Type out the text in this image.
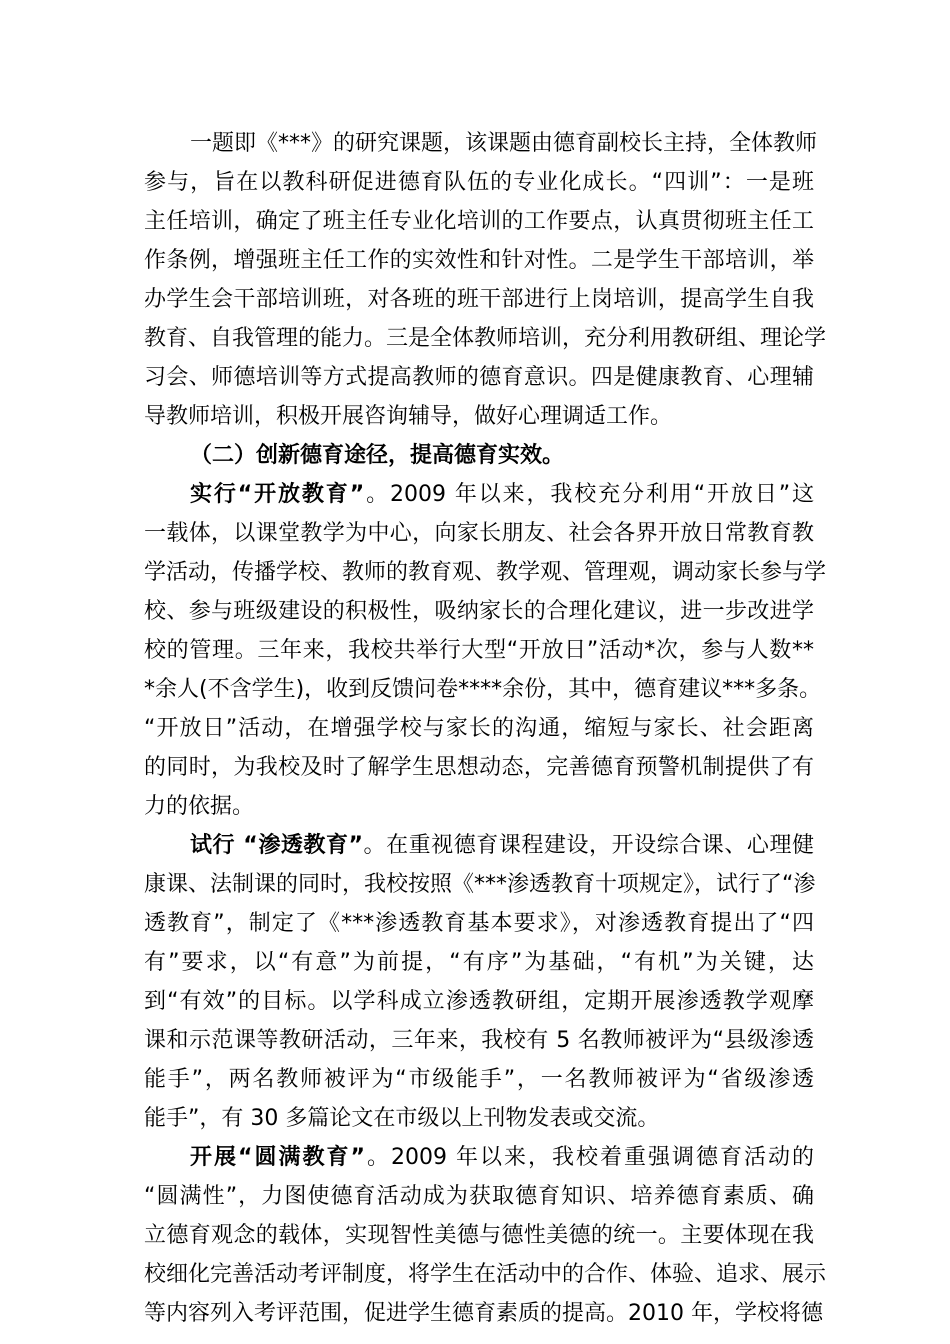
一题即《***》的研究课题，该课题由德育副校长主持，全体教师
参与，旨在以教科研促进德育队伍的专业化成长。“四训”：一是班
主任培训，确定了班主任专业化培训的工作要点，认真贯彻班主任工
作条例，增强班主任工作的实效性和针对性。二是学生干部培训，举
办学生会干部培训班，对各班的班干部进行上岗培训，提高学生自我
教育、自我管理的能力。三是全体教师培训，充分利用教研组、理论学
习会、师德培训等方式提高教师的德育意识。四是健康教育、心理辅
导教师培训，积极开展咨询辅导，做好心理调适工作。
（二）创新德育途径，提高德育实效。
实行“开放教育”。2009 年以来，我校充分利用“开放日”这
一载体，以课堂教学为中心，向家长朋友、社会各界开放日常教育教
学活动，传播学校、教师的教育观、教学观、管理观，调动家长参与学
校、参与班级建设的积极性，吸纳家长的合理化建议，进一步改进学
校的管理。三年来，我校共举行大型“开放日”活动*次，参与人数**
*余人(不含学生)，收到反馈问卷****余份，其中，德育建议***多条。
“开放日”活动，在增强学校与家长的沟通，缩短与家长、社会距离
的同时，为我校及时了解学生思想动态，完善德育预警机制提供了有
力的依据。
试行 “渗透教育”。在重视德育课程建设，开设综合课、心理健
康课、法制课的同时，我校按照《***渗透教育十项规定》，试行了“渗
透教育”，制定了《***渗透教育基本要求》，对渗透教育提出了“四
有”要求，以“有意”为前提，“有序”为基础，“有机”为关键，达
到“有效”的目标。以学科成立渗透教研组，定期开展渗透教学观摩
课和示范课等教研活动，三年来，我校有 5 名教师被评为“县级渗透
能手”，两名教师被评为“市级能手”，一名教师被评为“省级渗透
能手”，有 30 多篇论文在市级以上刊物发表或交流。
开展“圆满教育”。2009 年以来，我校着重强调德育活动的
“圆满性”，力图使德育活动成为获取德育知识、培养德育素质、确
立德育观念的载体，实现智性美德与德性美德的统一。主要体现在我
校细化完善活动考评制度，将学生在活动中的合作、体验、追求、展示
等内容列入考评范围，促进学生德育素质的提高。2010 年，学校将德
